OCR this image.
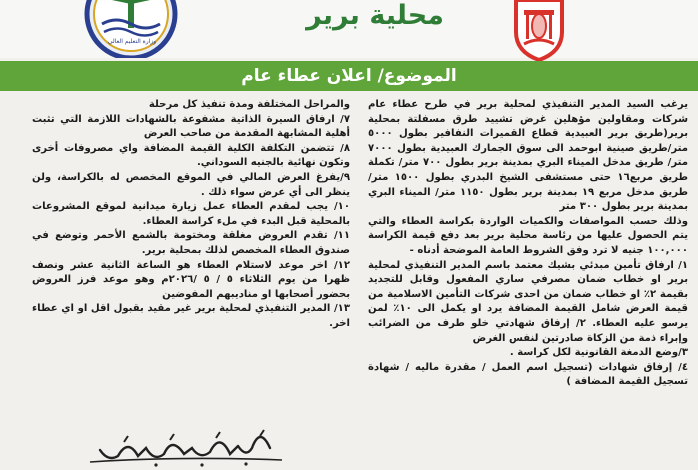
وزارة التعليم العالي
محلية برير
الموضوع/ اعلان عطاء عام

يرغب السيد المدير التنفيذي لمحلية برير في طرح عطاء عام شركات ومقاولين مؤهلين غرض تشييد طرق مسفلتة بمحلية برير(طريق برير العبيدية قطاع القميرات النفافير بطول ٥٠٠٠ متر/طريق صينية ابوحمد الى سوق الجمارك العبيدية بطول ٧٠٠٠ متر/ طريق مدخل الميناء البري بمدينة برير بطول ٧٠٠ متر/ تكملة طريق مربع١٦ حتى مستشفى الشيخ البدري بطول ١٥٠٠ متر/ طريق مدخل مربع ١٩ بمدينة برير بطول ١١٥٠ متر/ الميناء البري بمدينة برير بطول ٣٠٠ متر

وذلك حسب المواصفات والكميات الواردة بكراسة العطاء والتي يتم الحصول عليها من رئاسة محلية برير بعد دفع قيمة الكراسة ١٠٠,٠٠٠ جنيه لا ترد وفق الشروط العامة الموضحة أدناه -

١/ ارفاق تأمين مبدئي بشيك معتمد باسم المدير التنفيذي لمحلية برير او خطاب ضمان مصرفي ساري المفعول وقابل للتجديد بقيمة ٢٪ او خطاب ضمان من احدى شركات التأمين الاسلامية من قيمة العرض شامل القيمة المضافة يرد او يكمل الى ١٠٪ لمن يرسو عليه العطاء. ٢/ إرفاق شهادتي خلو طرف من الضرائب وإبراء ذمة من الزكاة صادرتين لنفس الغرض

٣/وضع الدمغة القانونية لكل كراسة .

٤/ إرفاق شهادات (تسجيل اسم العمل / مقدرة ماليه / شهادة تسجيل القيمة المضافة )

والمراحل المختلفة ومدة تنفيذ كل مرحلة

٧/ ارفاق السيرة الذاتية مشفوعة بالشهادات اللازمة التي تثبت أهلية المشابهة المقدمة من صاحب العرض

٨/ تتضمن التكلفة الكلية القيمة المضافة واي مصروفات أخرى وتكون نهائية بالجنيه السوداني.

٩/يفرغ العرض المالي في الموقع المخصص له بالكراسة، ولن ينظر الى أي عرض سواء ذلك .

١٠/ يجب لمقدم العطاء عمل زيارة ميدانية لموقع المشروعات بالمحلية قبل البدء في ملء كراسة العطاء.

١١/ تقدم العروض مغلقة ومختومة بالشمع الأحمر وتوضع في صندوق العطاء المخصص لذلك بمحلية برير.

١٢/ اخر موعد لاستلام العطاء هو الساعة الثانية عشر ونصف ظهرا من يوم الثلاثاء ٥ / ٥ /٢٠٢٦م وهو موعد فرز العروض بحضور أصحابها او مناديبهم المفوضين

١٣/ المدير التنفيذي لمحلية برير غير مقيد بقبول اقل او اي عطاء اخر.
